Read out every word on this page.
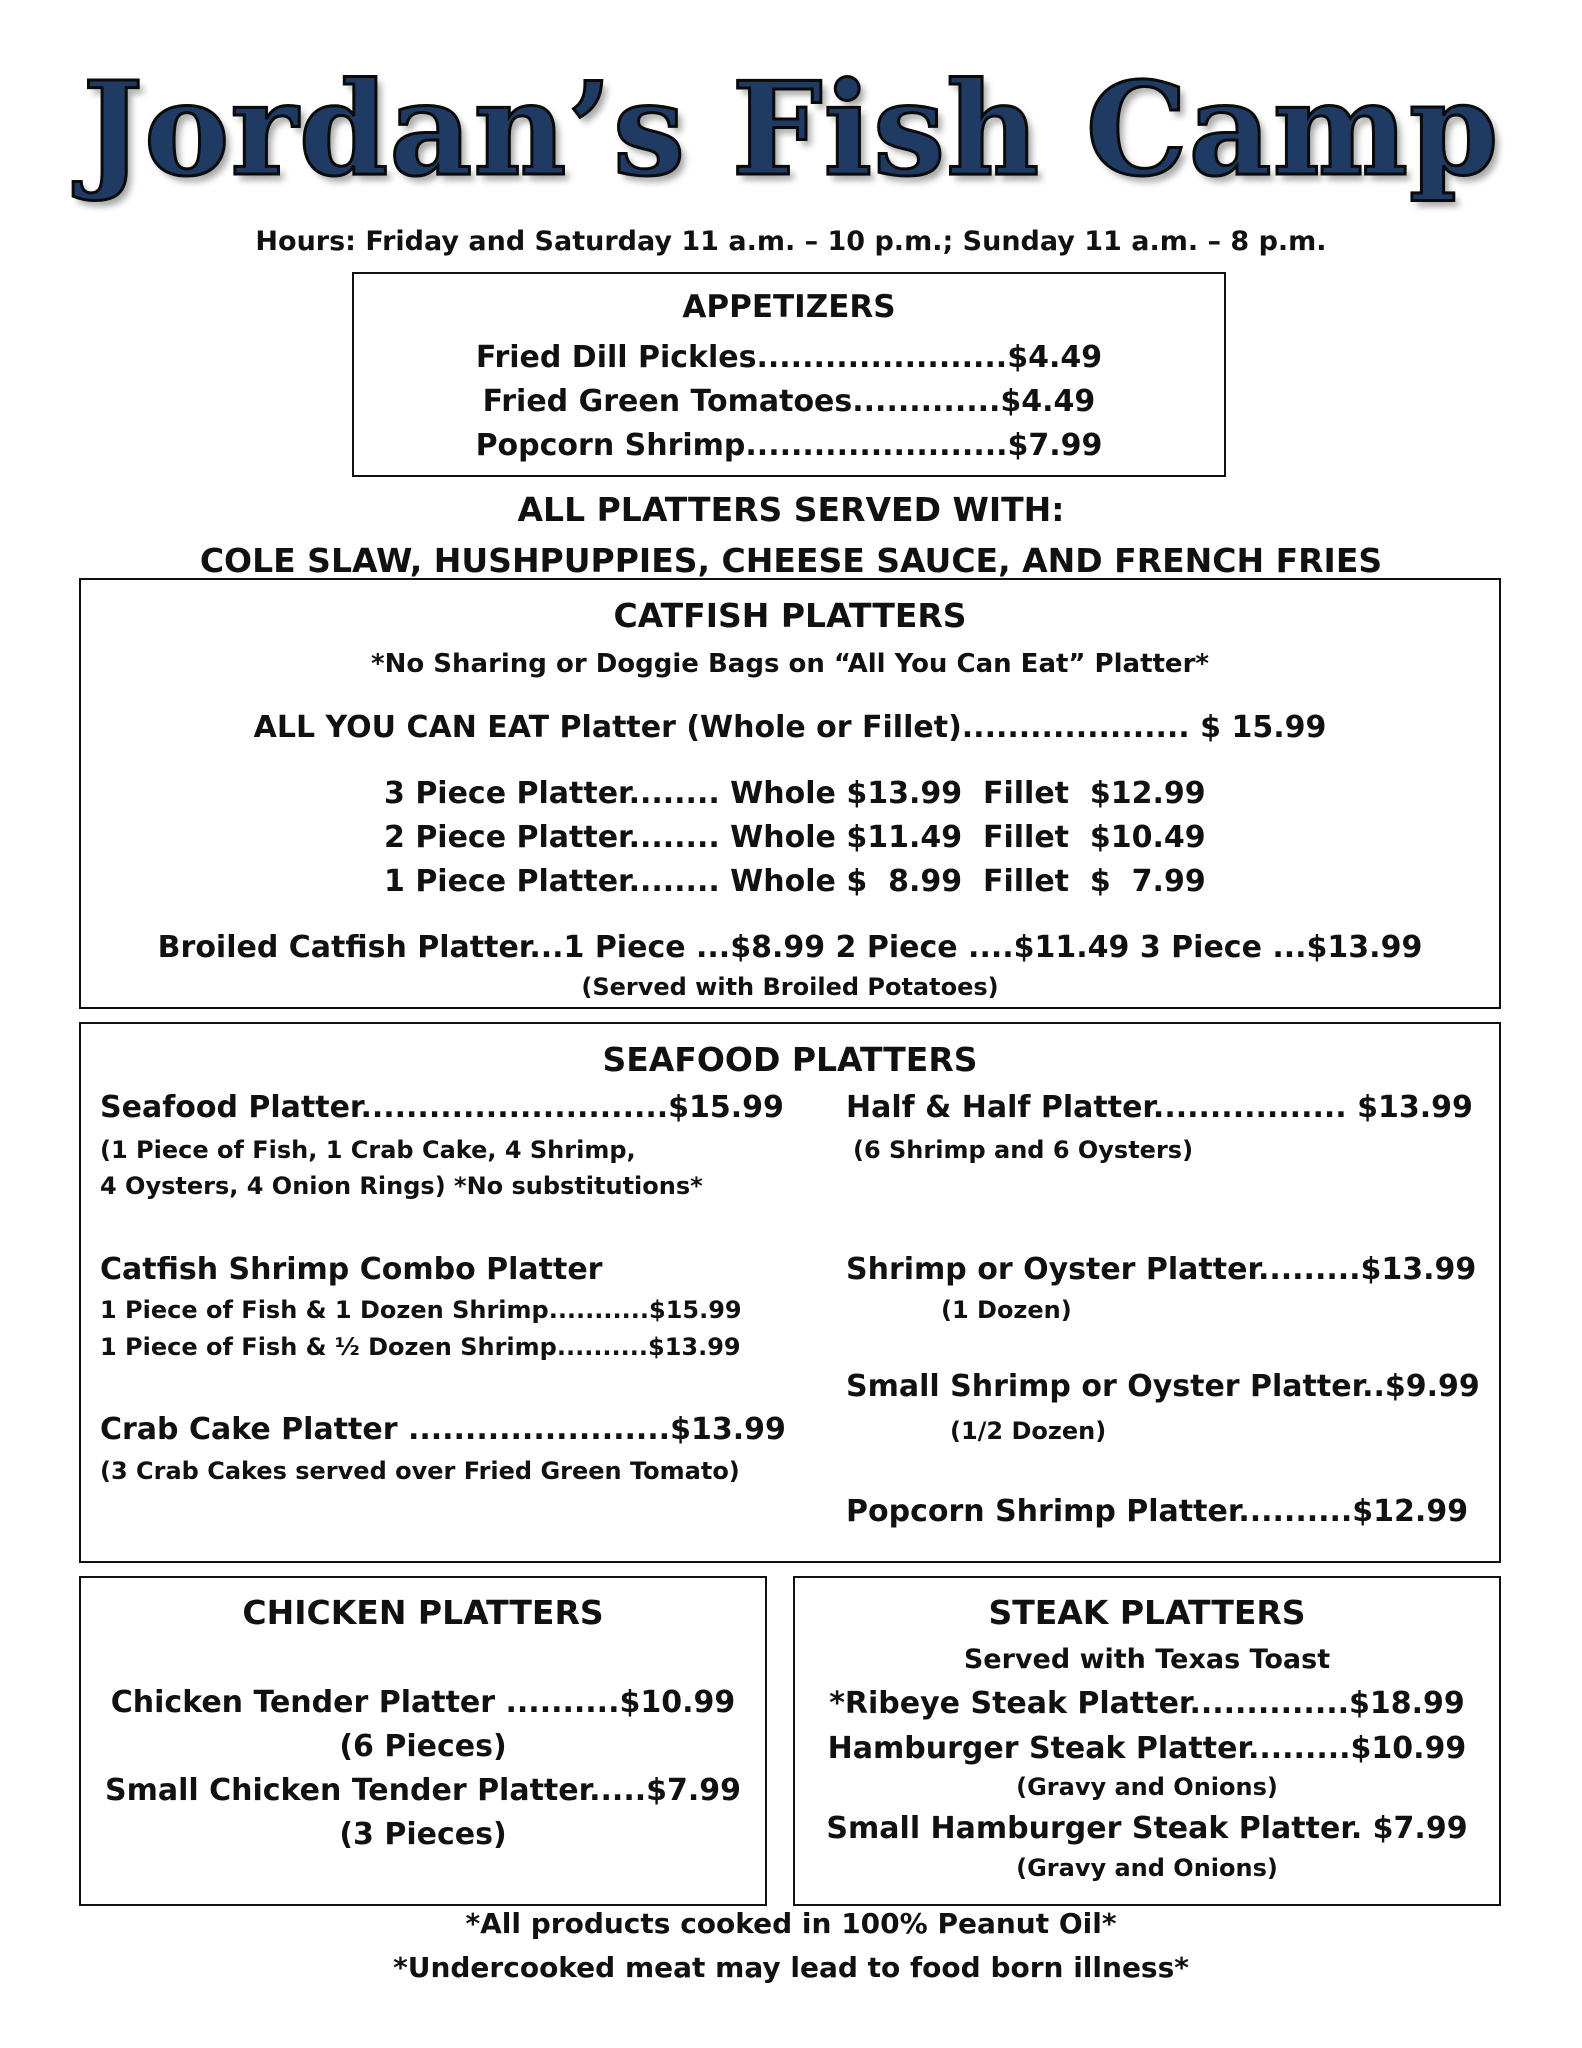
Jordan’s Fish Camp
Hours: Friday and Saturday 11 a.m. – 10 p.m.; Sunday 11 a.m. – 8 p.m.
APPETIZERS
Fried Dill Pickles......................$4.49
Fried Green Tomatoes.............$4.49
Popcorn Shrimp.......................$7.99
ALL PLATTERS SERVED WITH:
COLE SLAW, HUSHPUPPIES, CHEESE SAUCE, AND FRENCH FRIES
CATFISH PLATTERS
*No Sharing or Doggie Bags on “All You Can Eat” Platter*
ALL YOU CAN EAT Platter (Whole or Fillet).................... $ 15.99
3 Piece Platter........ Whole $13.99  Fillet  $12.99
2 Piece Platter........ Whole $11.49  Fillet  $10.49
1 Piece Platter........ Whole $  8.99  Fillet  $  7.99
Broiled Catfish Platter...1 Piece ...$8.99 2 Piece ....$11.49 3 Piece ...$13.99
(Served with Broiled Potatoes)
SEAFOOD PLATTERS
Seafood Platter...........................$15.99
(1 Piece of Fish, 1 Crab Cake, 4 Shrimp,
4 Oysters, 4 Onion Rings) *No substitutions*
Catfish Shrimp Combo Platter
1 Piece of Fish & 1 Dozen Shrimp...........$15.99
1 Piece of Fish & ½ Dozen Shrimp..........$13.99
Crab Cake Platter .......................$13.99
(3 Crab Cakes served over Fried Green Tomato)
Half & Half Platter................. $13.99
(6 Shrimp and 6 Oysters)
Shrimp or Oyster Platter.........$13.99
(1 Dozen)
Small Shrimp or Oyster Platter..$9.99
(1/2 Dozen)
Popcorn Shrimp Platter..........$12.99
CHICKEN PLATTERS
Chicken Tender Platter ..........$10.99
(6 Pieces)
Small Chicken Tender Platter.....$7.99
(3 Pieces)
STEAK PLATTERS
Served with Texas Toast
*Ribeye Steak Platter..............$18.99
Hamburger Steak Platter.........$10.99
(Gravy and Onions)
Small Hamburger Steak Platter. $7.99
(Gravy and Onions)
*All products cooked in 100% Peanut Oil*
*Undercooked meat may lead to food born illness*
